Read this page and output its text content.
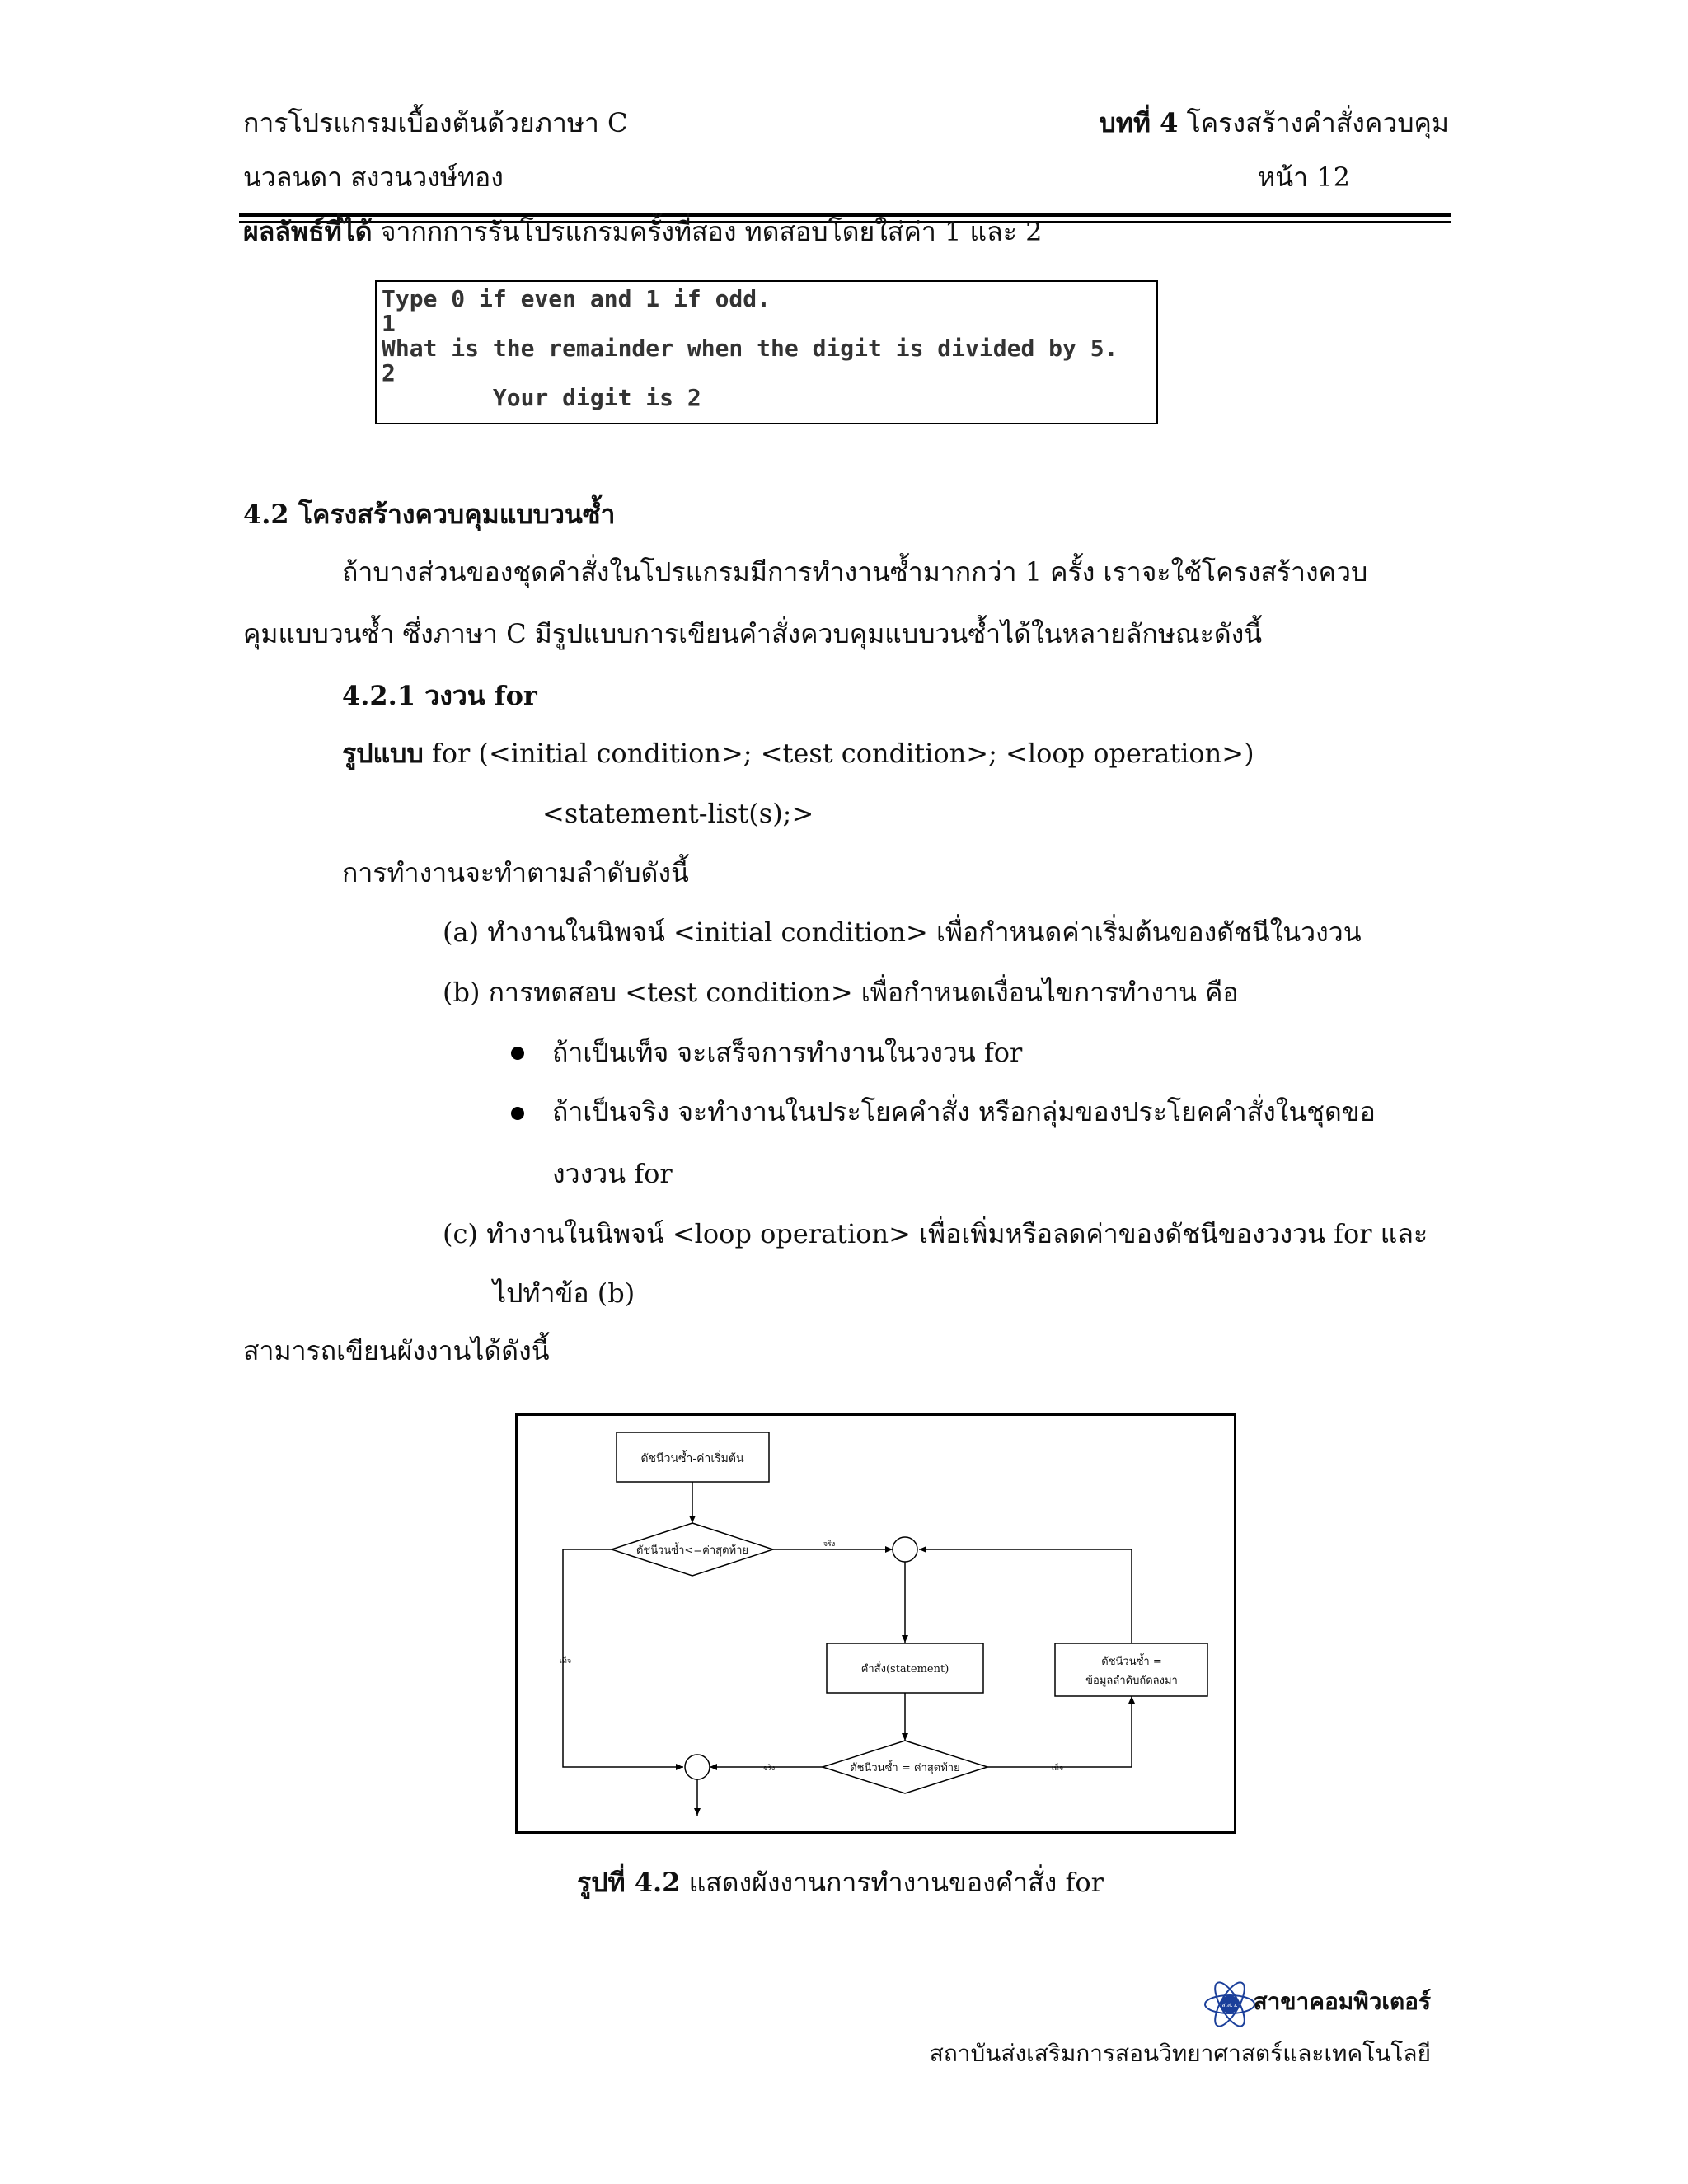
การโปรแกรมเบื้องต้นด้วยภาษา C
นวลนดา สงวนวงษ์ทอง
บทที่ 4 โครงสร้างคำสั่งควบคุม
หน้า 12
ผลลัพธ์ที่ได้ จากกการรันโปรแกรมครั้งที่สอง ทดสอบโดยใส่ค่า 1 และ 2
Type 0 if even and 1 if odd.
1
What is the remainder when the digit is divided by 5.
2
Your digit is 2
4.2 โครงสร้างควบคุมแบบวนซ้ำ
ถ้าบางส่วนของชุดคำสั่งในโปรแกรมมีการทำงานซ้ำมากกว่า 1 ครั้ง เราจะใช้โครงสร้างควบ
คุมแบบวนซ้ำ ซึ่งภาษา C มีรูปแบบการเขียนคำสั่งควบคุมแบบวนซ้ำได้ในหลายลักษณะดังนี้
4.2.1 วงวน for
รูปแบบ for (<initial condition>; <test condition>; <loop operation>)
<statement-list(s);>
การทำงานจะทำตามลำดับดังนี้
(a) ทำงานในนิพจน์ <initial condition> เพื่อกำหนดค่าเริ่มต้นของดัชนีในวงวน
(b) การทดสอบ <test condition> เพื่อกำหนดเงื่อนไขการทำงาน คือ
ถ้าเป็นเท็จ จะเสร็จการทำงานในวงวน for
ถ้าเป็นจริง จะทำงานในประโยคคำสั่ง หรือกลุ่มของประโยคคำสั่งในชุดขอ
งวงวน for
(c) ทำงานในนิพจน์ <loop operation> เพื่อเพิ่มหรือลดค่าของดัชนีของวงวน for และ
ไปทำข้อ (b)
สามารถเขียนผังงานได้ดังนี้
ดัชนีวนซ้ำ-ค่าเริ่มต้น
ดัชนีวนซ้ำ<=ค่าสุดท้าย	จริง
เท็จ
คำสั่ง(statement)
ดัชนีวนซ้ำ =
ข้อมูลลำดับถัดลงมา
ดัชนีวนซ้ำ = ค่าสุดท้าย
จริง	เท็จ
รูปที่ 4.2 แสดงผังงานการทำงานของคำสั่ง for
ส.ส.ว. สาขาคอมพิวเตอร์
สถาบันส่งเสริมการสอนวิทยาศาสตร์และเทคโนโลยี
